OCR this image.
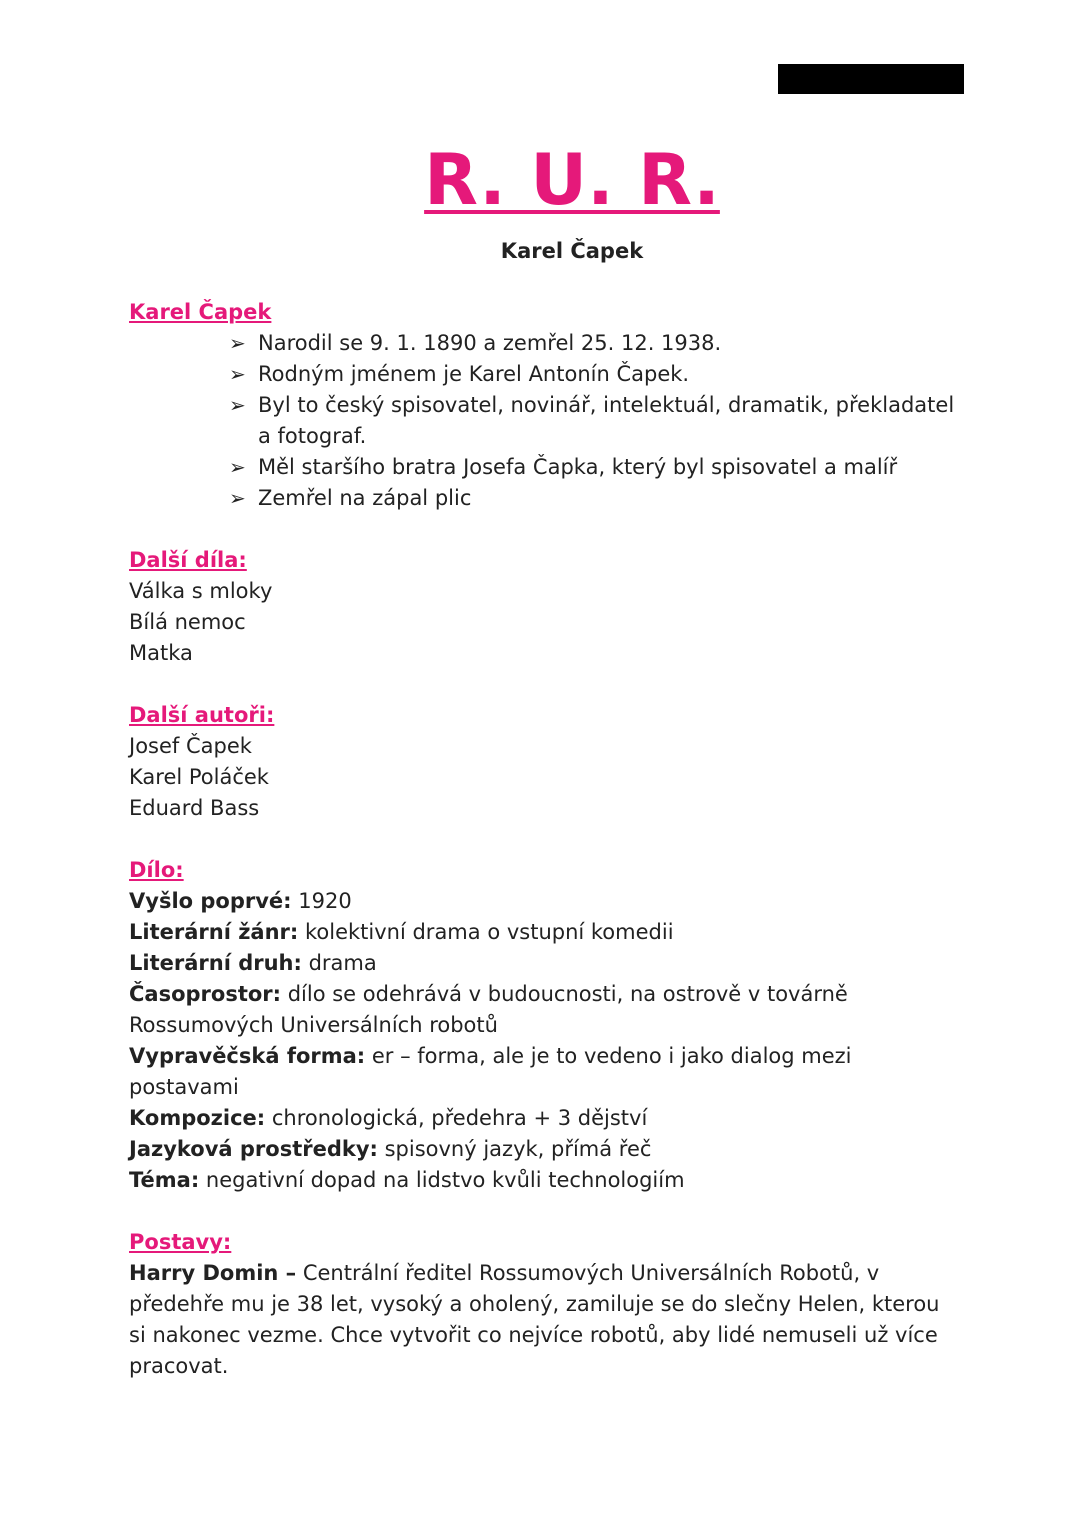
R. U. R.
Karel Čapek

Karel Čapek

➢ Narodil se 9. 1. 1890 a zemřel 25. 12. 1938.
➢ Rodným jménem je Karel Antonín Čapek.
➢ Byl to český spisovatel, novinář, intelektuál, dramatik, překladatel a fotograf.
➢ Měl staršího bratra Josefa Čapka, který byl spisovatel a malíř
➢ Zemřel na zápal plic

Další díla:

Válka s mloky

Bílá nemoc

Matka

Další autoři:

Josef Čapek

Karel Poláček

Eduard Bass

Dílo:

Vyšlo poprvé: 1920

Literární žánr: kolektivní drama o vstupní komedii

Literární druh: drama

Časoprostor: dílo se odehrává v budoucnosti, na ostrově v továrně Rossumových Universálních robotů

Vypravěčská forma: er – forma, ale je to vedeno i jako dialog mezi postavami

Kompozice: chronologická, předehra + 3 dějství

Jazyková prostředky: spisovný jazyk, přímá řeč

Téma: negativní dopad na lidstvo kvůli technologiím

Postavy:

Harry Domin – Centrální ředitel Rossumových Universálních Robotů, v předehře mu je 38 let, vysoký a oholený, zamiluje se do slečny Helen, kterou si nakonec vezme. Chce vytvořit co nejvíce robotů, aby lidé nemuseli už více pracovat.
